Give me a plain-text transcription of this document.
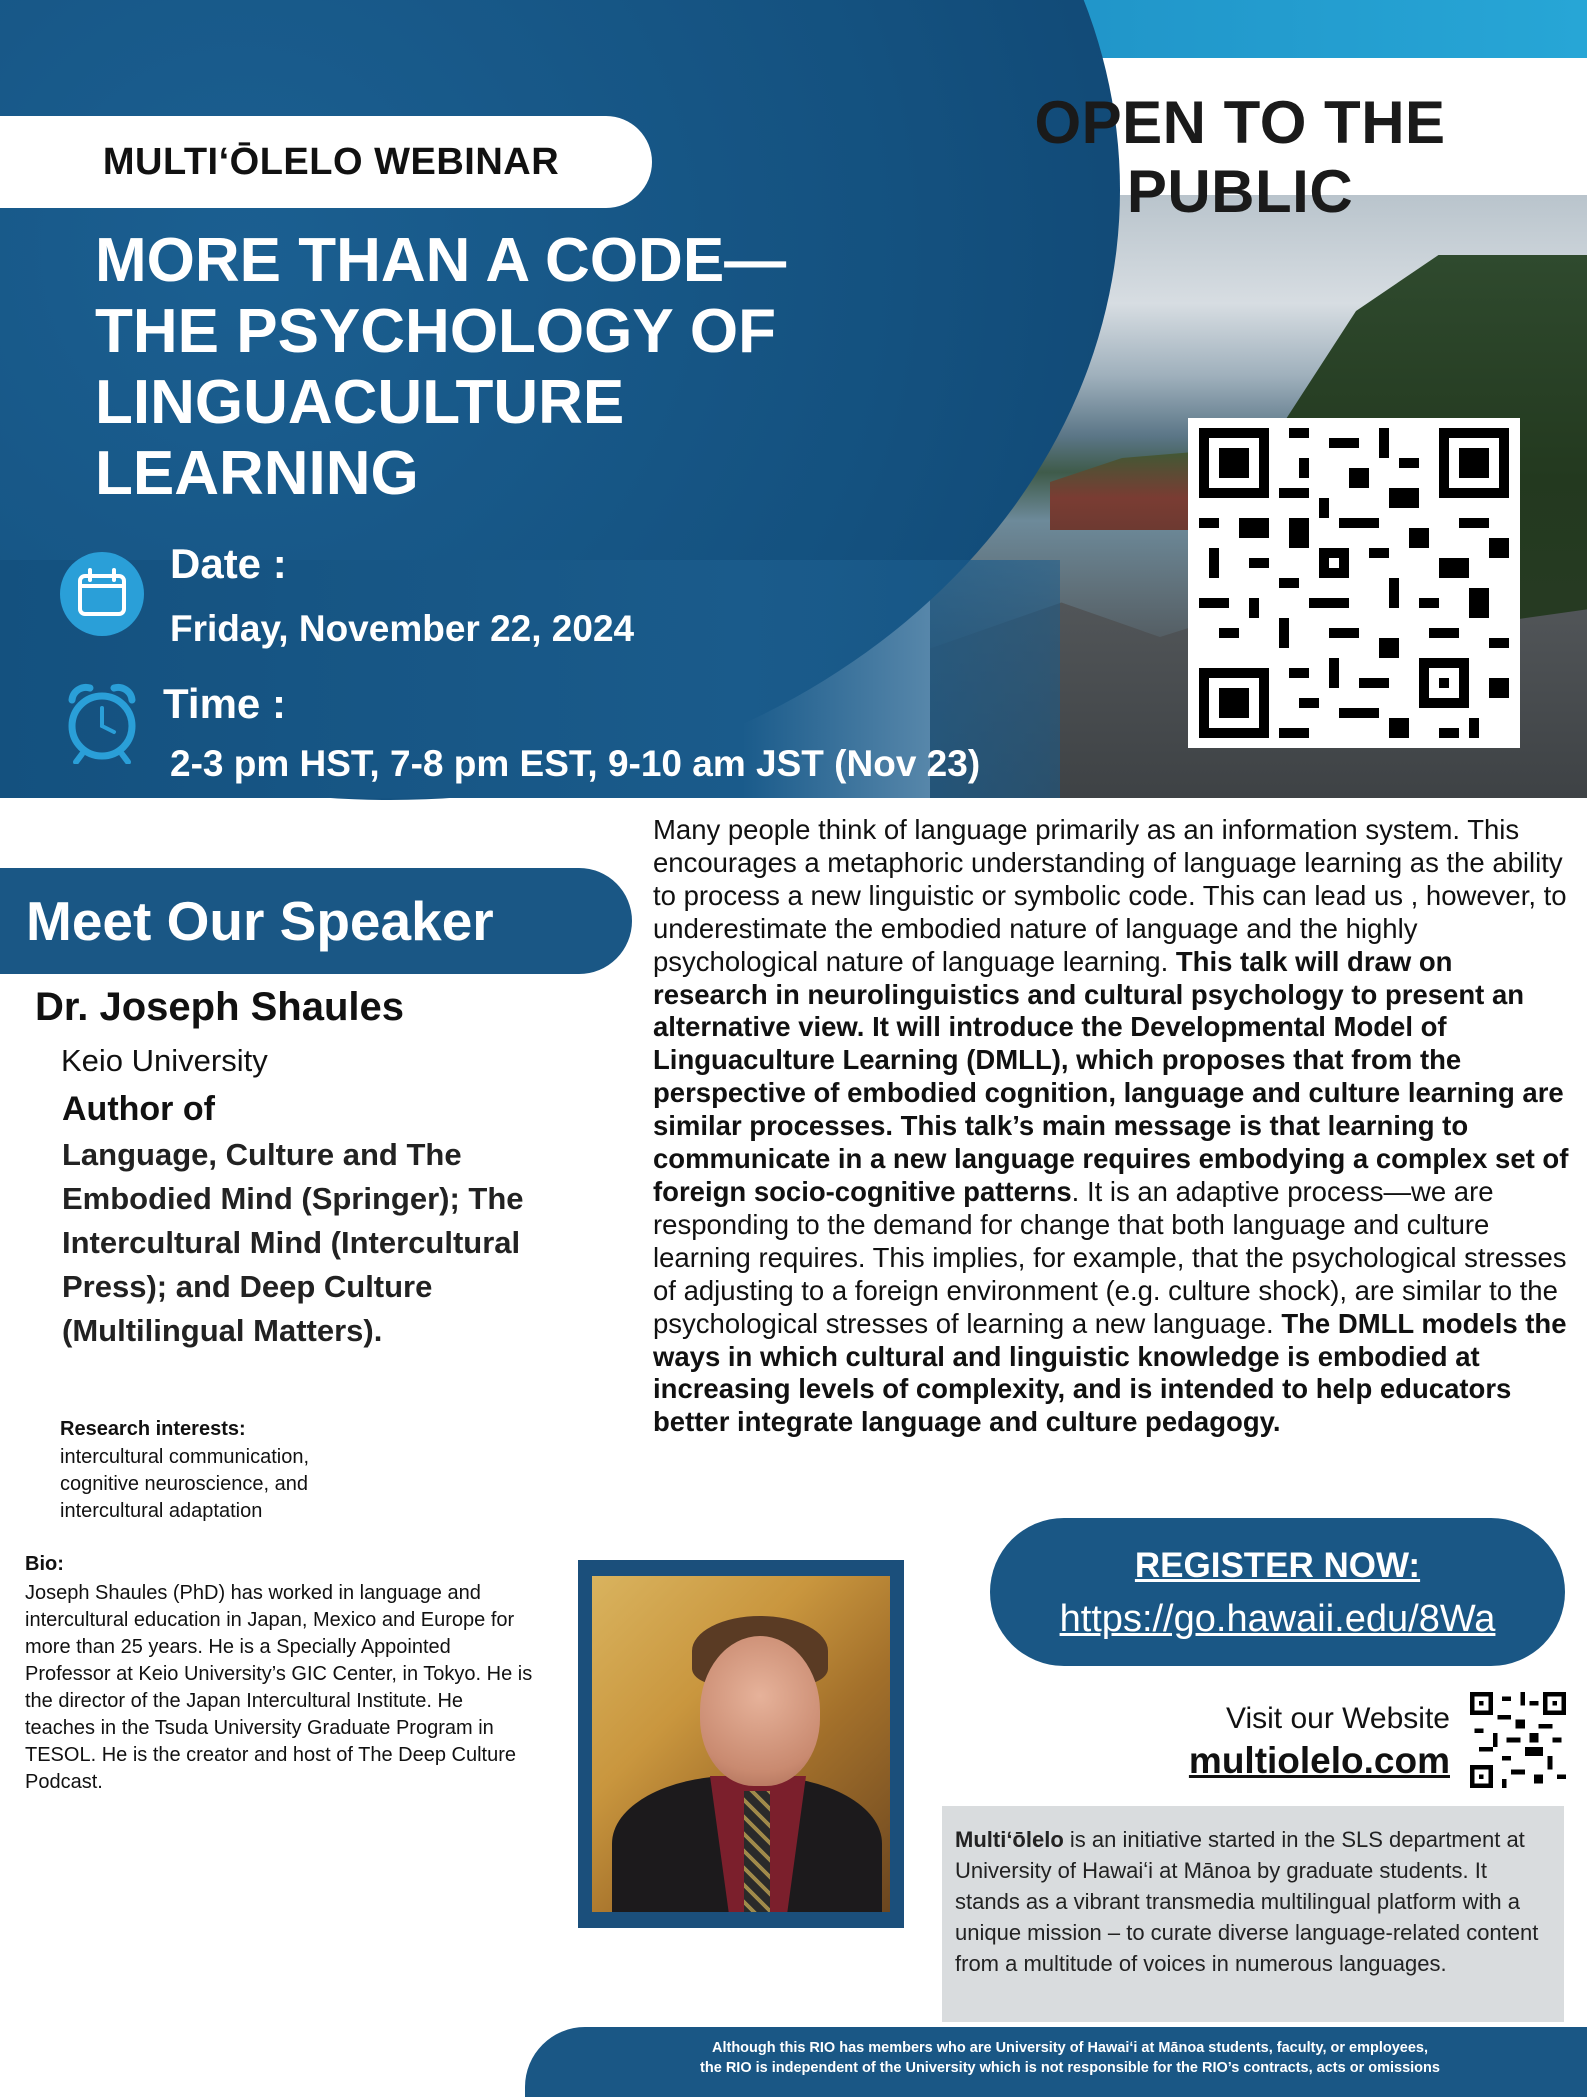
MULTIʻŌLELO WEBINAR
OPEN TO THE PUBLIC
MORE THAN A CODE—
THE PSYCHOLOGY OF
LINGUACULTURE
LEARNING
Date :
Friday, November 22, 2024
Time :
2-3 pm HST, 7-8 pm EST, 9-10 am JST (Nov 23)
Meet Our Speaker
Dr. Joseph Shaules
Keio University
Author of
Language, Culture and The Embodied Mind (Springer); The Intercultural Mind (Intercultural Press); and Deep Culture (Multilingual Matters).
Research interests:
intercultural communication, cognitive neuroscience, and intercultural adaptation
Bio:
Joseph Shaules (PhD) has worked in language and intercultural education in Japan, Mexico and Europe for more than 25 years. He is a Specially Appointed Professor at Keio University’s GIC Center, in Tokyo. He is the director of the Japan Intercultural Institute. He teaches in the Tsuda University Graduate Program in TESOL. He is the creator and host of The Deep Culture Podcast.
Many people think of language primarily as an information system. This encourages a metaphoric understanding of language learning as the ability to process a new linguistic or symbolic code. This can lead us , however, to underestimate the embodied nature of language and the highly psychological nature of language learning. This talk will draw on research in neurolinguistics and cultural psychology to present an alternative view. It will introduce the Developmental Model of Linguaculture Learning (DMLL), which proposes that from the perspective of embodied cognition, language and culture learning are similar processes. This talk’s main message is that learning to communicate in a new language requires embodying a complex set of foreign socio-cognitive patterns. It is an adaptive process—we are responding to the demand for change that both language and culture learning requires. This implies, for example, that the psychological stresses of adjusting to a foreign environment (e.g. culture shock), are similar to the psychological stresses of learning a new language. The DMLL models the ways in which cultural and linguistic knowledge is embodied at increasing levels of complexity, and is intended to help educators better integrate language and culture pedagogy.
REGISTER NOW:
https://go.hawaii.edu/8Wa
Visit our Website
multiolelo.com
Multiʻōlelo is an initiative started in the SLS department at University of Hawaiʻi at Mānoa by graduate students. It stands as a vibrant transmedia multilingual platform with a unique mission – to curate diverse language-related content from a multitude of voices in numerous languages.
Although this RIO has members who are University of Hawaiʻi at Mānoa students, faculty, or employees,
the RIO is independent of the University which is not responsible for the RIO’s contracts, acts or omissions
